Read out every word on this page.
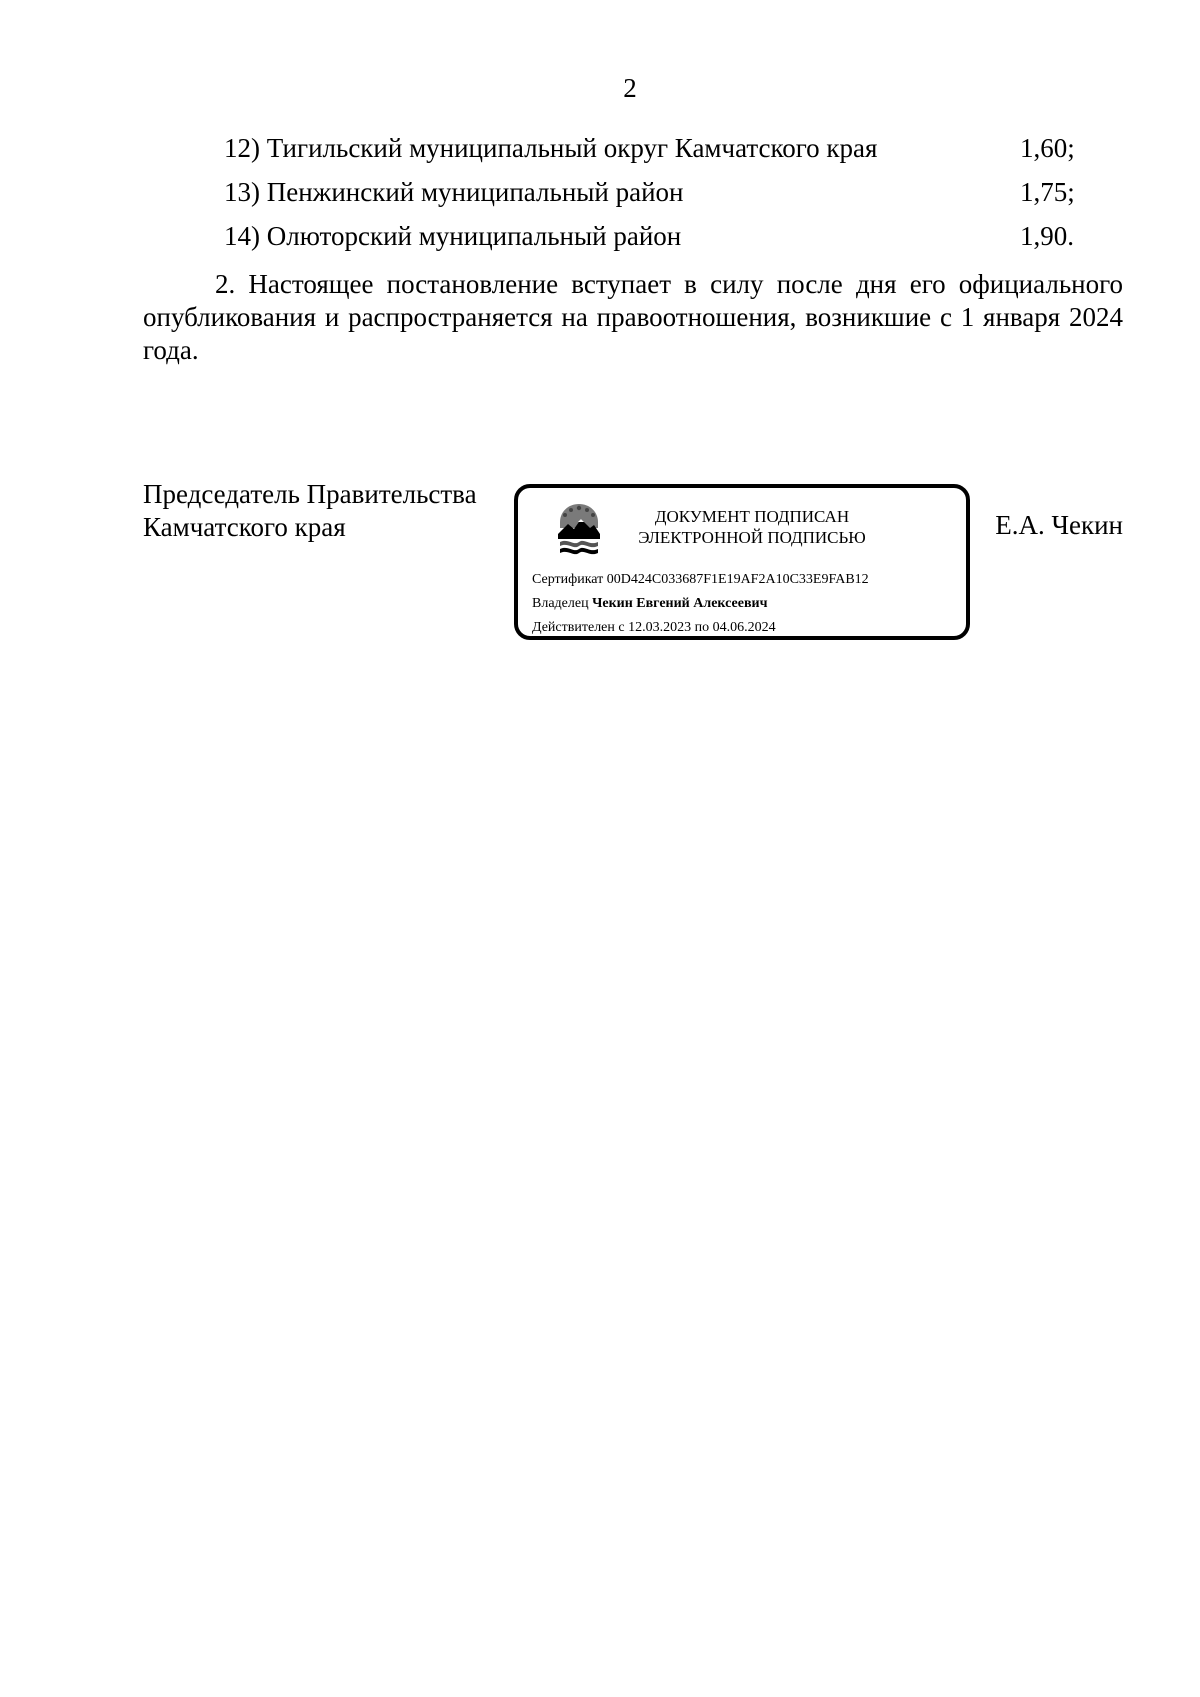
2
12) Тигильский муниципальный округ Камчатского края	1,60;
13) Пенжинский муниципальный район	1,75;
14) Олюторский муниципальный район	1,90.

2. Настоящее постановление вступает в силу после дня его официального опубликования и распространяется на правоотношения, возникшие с 1 января 2024 года.

Председатель Правительства
Камчатского края	ДОКУМЕНТ ПОДПИСАН
ЭЛЕКТРОННОЙ ПОДПИСЬЮ
Сертификат 00D424C033687F1E19AF2A10C33E9FAB12
Владелец Чекин Евгений Алексеевич
Действителен с 12.03.2023 по 04.06.2024
Е.А. Чекин
